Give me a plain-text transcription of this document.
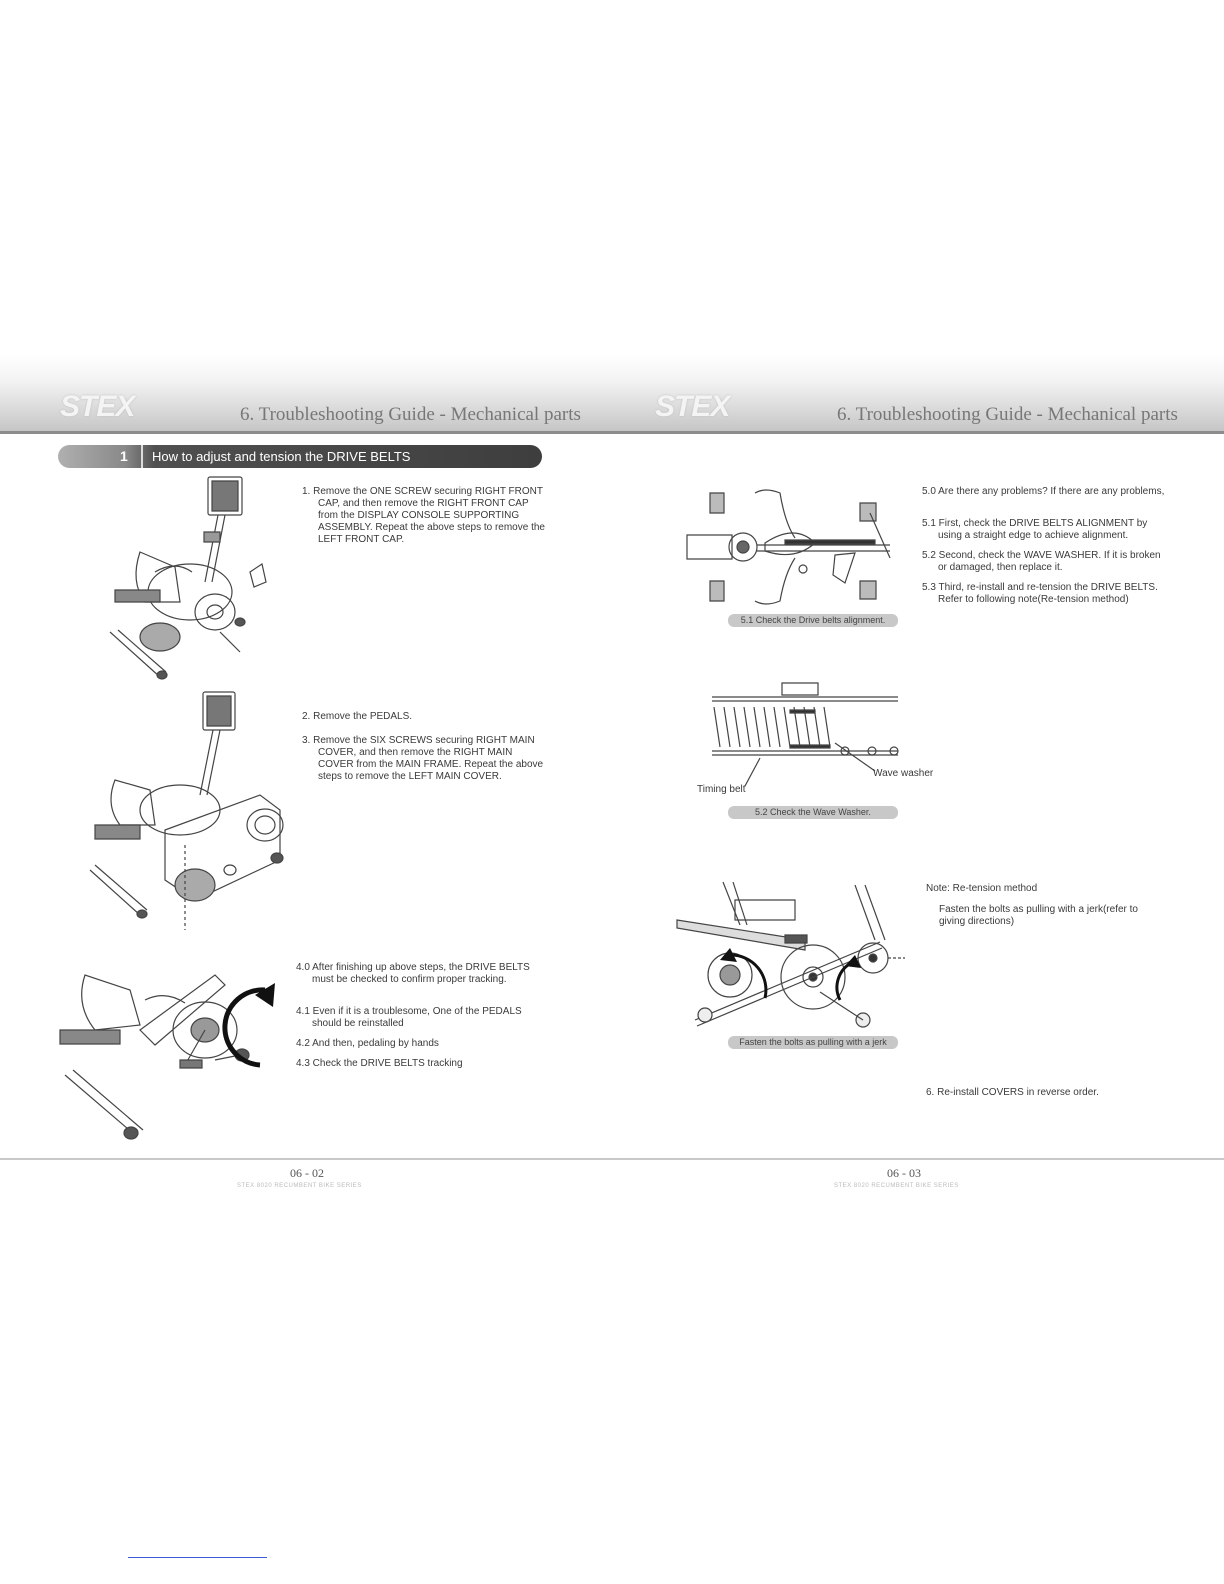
STEX	STEX
6. Troubleshooting Guide - Mechanical parts	6. Troubleshooting Guide - Mechanical parts
1 How to adjust and tension the DRIVE BELTS
1. Remove the ONE SCREW securing RIGHT FRONT CAP, and then remove the RIGHT FRONT CAP from the DISPLAY CONSOLE SUPPORTING ASSEMBLY. Repeat the above steps to remove the LEFT FRONT CAP.
2. Remove the PEDALS.
3. Remove the SIX SCREWS securing RIGHT MAIN COVER, and then remove the RIGHT MAIN COVER from the MAIN FRAME. Repeat the above steps to remove the LEFT MAIN COVER.
4.0 After finishing up above steps, the DRIVE BELTS must be checked to confirm proper tracking.
4.1 Even if it is a troublesome, One of the PEDALS should be reinstalled
4.2 And then, pedaling by hands
4.3 Check the DRIVE BELTS tracking
5.1 Check the Drive belts alignment.
Wave washer
Timing belt
5.2 Check the Wave Washer.
Fasten the bolts as pulling with a jerk
5.0 Are there any problems? If there are any problems,
5.1 First, check the DRIVE BELTS ALIGNMENT by using a straight edge to achieve alignment.
5.2 Second, check the WAVE WASHER. If it is broken or damaged, then replace it.
5.3 Third, re-install and re-tension the DRIVE BELTS. Refer to following note(Re-tension method)
Note: Re-tension method
Fasten the bolts as pulling with a jerk(refer to giving directions)
6. Re-install COVERS in reverse order.
06 - 02	06 - 03
STEX 8020 RECUMBENT BIKE SERIES	STEX 8020 RECUMBENT BIKE SERIES
